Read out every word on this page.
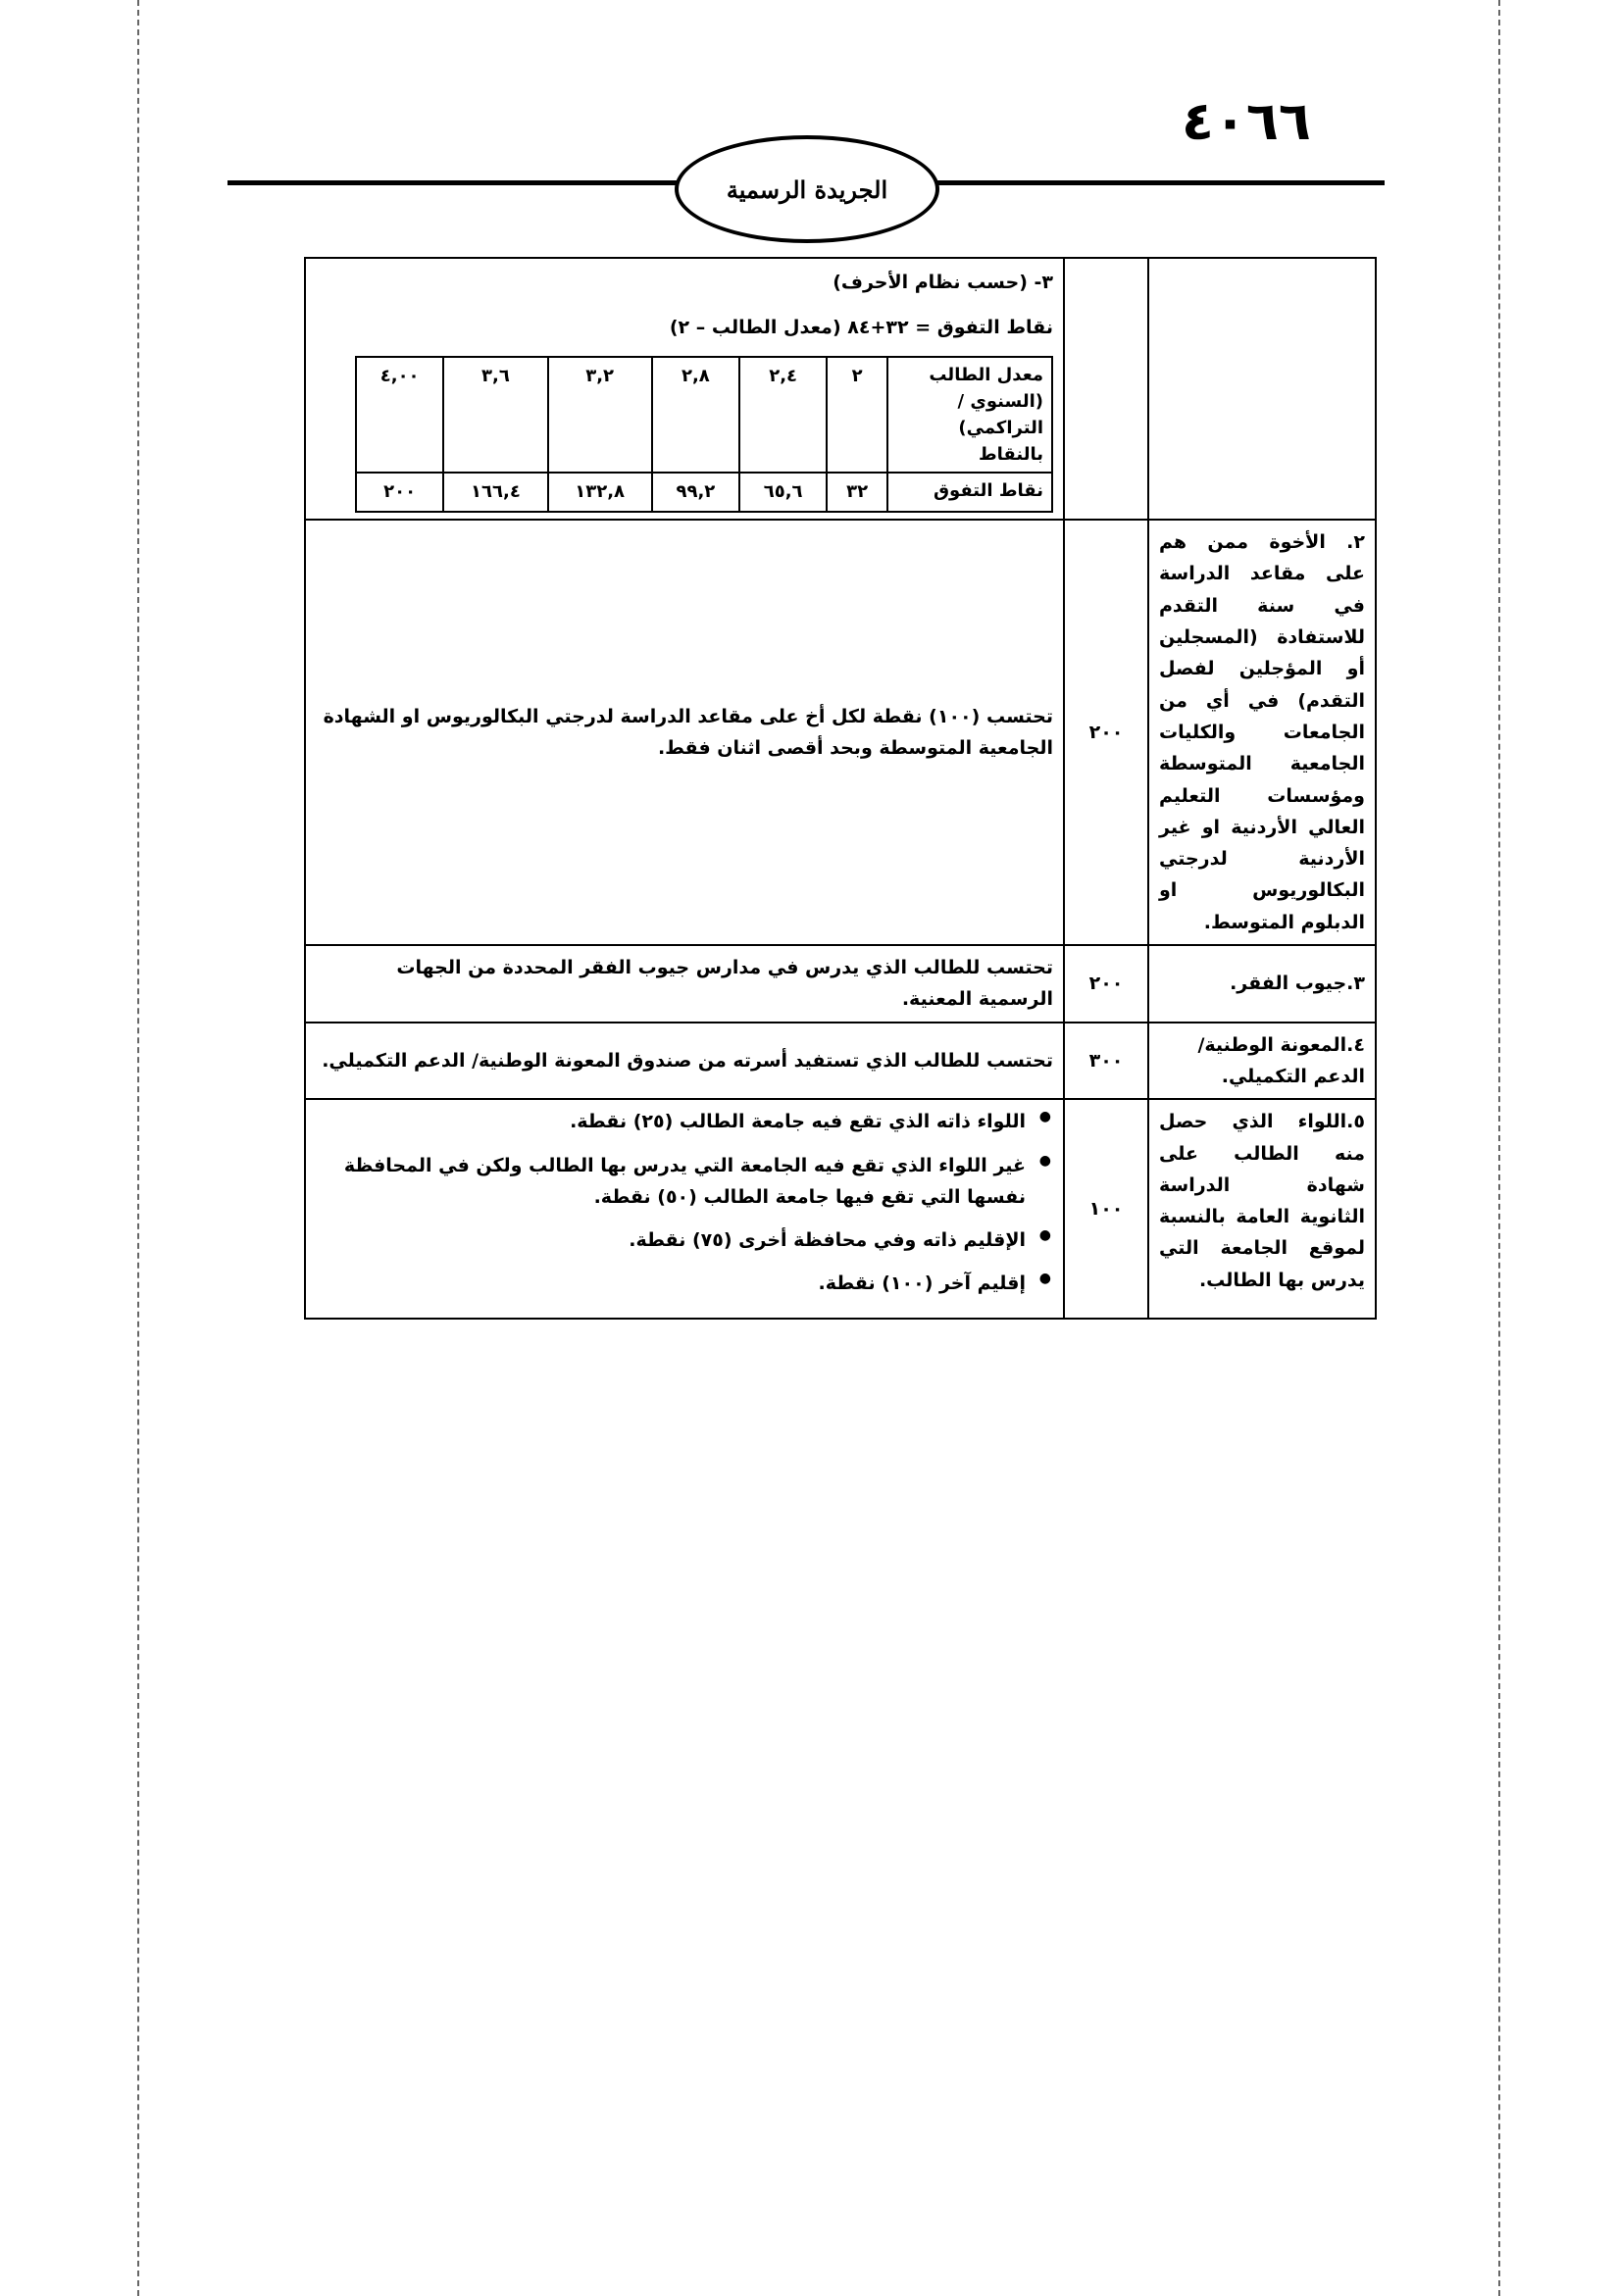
٤٠٦٦
الجريدة الرسمية

٣- (حسب نظام الأحرف)
نقاط التفوق = ٣٢+٨٤ (معدل الطالب – ٢)
معدل الطالب (السنوي /التراكمي) بالنقاط	٢	٢,٤	٢,٨	٣,٢	٣,٦	٤,٠٠
نقاط التفوق	٣٢	٦٥,٦	٩٩,٢	١٣٢,٨	١٦٦,٤	٢٠٠

٢. الأخوة ممن هم على مقاعد الدراسة في سنة التقدم للاستفادة (المسجلين أو المؤجلين لفصل التقدم) في أي من الجامعات والكليات الجامعية المتوسطة ومؤسسات التعليم العالي الأردنية او غير الأردنية لدرجتي البكالوريوس او الدبلوم المتوسط.	٢٠٠	تحتسب (١٠٠) نقطة لكل أخ على مقاعد الدراسة لدرجتي البكالوريوس او الشهادة الجامعية المتوسطة وبحد أقصى اثنان فقط.
٣.جيوب الفقر.	٢٠٠	تحتسب للطالب الذي يدرس في مدارس جيوب الفقر المحددة من الجهات الرسمية المعنية.
٤.المعونة الوطنية/الدعم التكميلي.	٣٠٠	تحتسب للطالب الذي تستفيد أسرته من صندوق المعونة الوطنية/ الدعم التكميلي.
٥.اللواء الذي حصل منه الطالب على شهادة الدراسة الثانوية العامة بالنسبة لموقع الجامعة التي يدرس بها الطالب.	١٠٠	
● اللواء ذاته الذي تقع فيه جامعة الطالب (٢٥) نقطة.
● غير اللواء الذي تقع فيه الجامعة التي يدرس بها الطالب ولكن في المحافظة نفسها التي تقع فيها جامعة الطالب (٥٠) نقطة.
● الإقليم ذاته وفي محافظة أخرى (٧٥) نقطة.
● إقليم آخر (١٠٠) نقطة.
